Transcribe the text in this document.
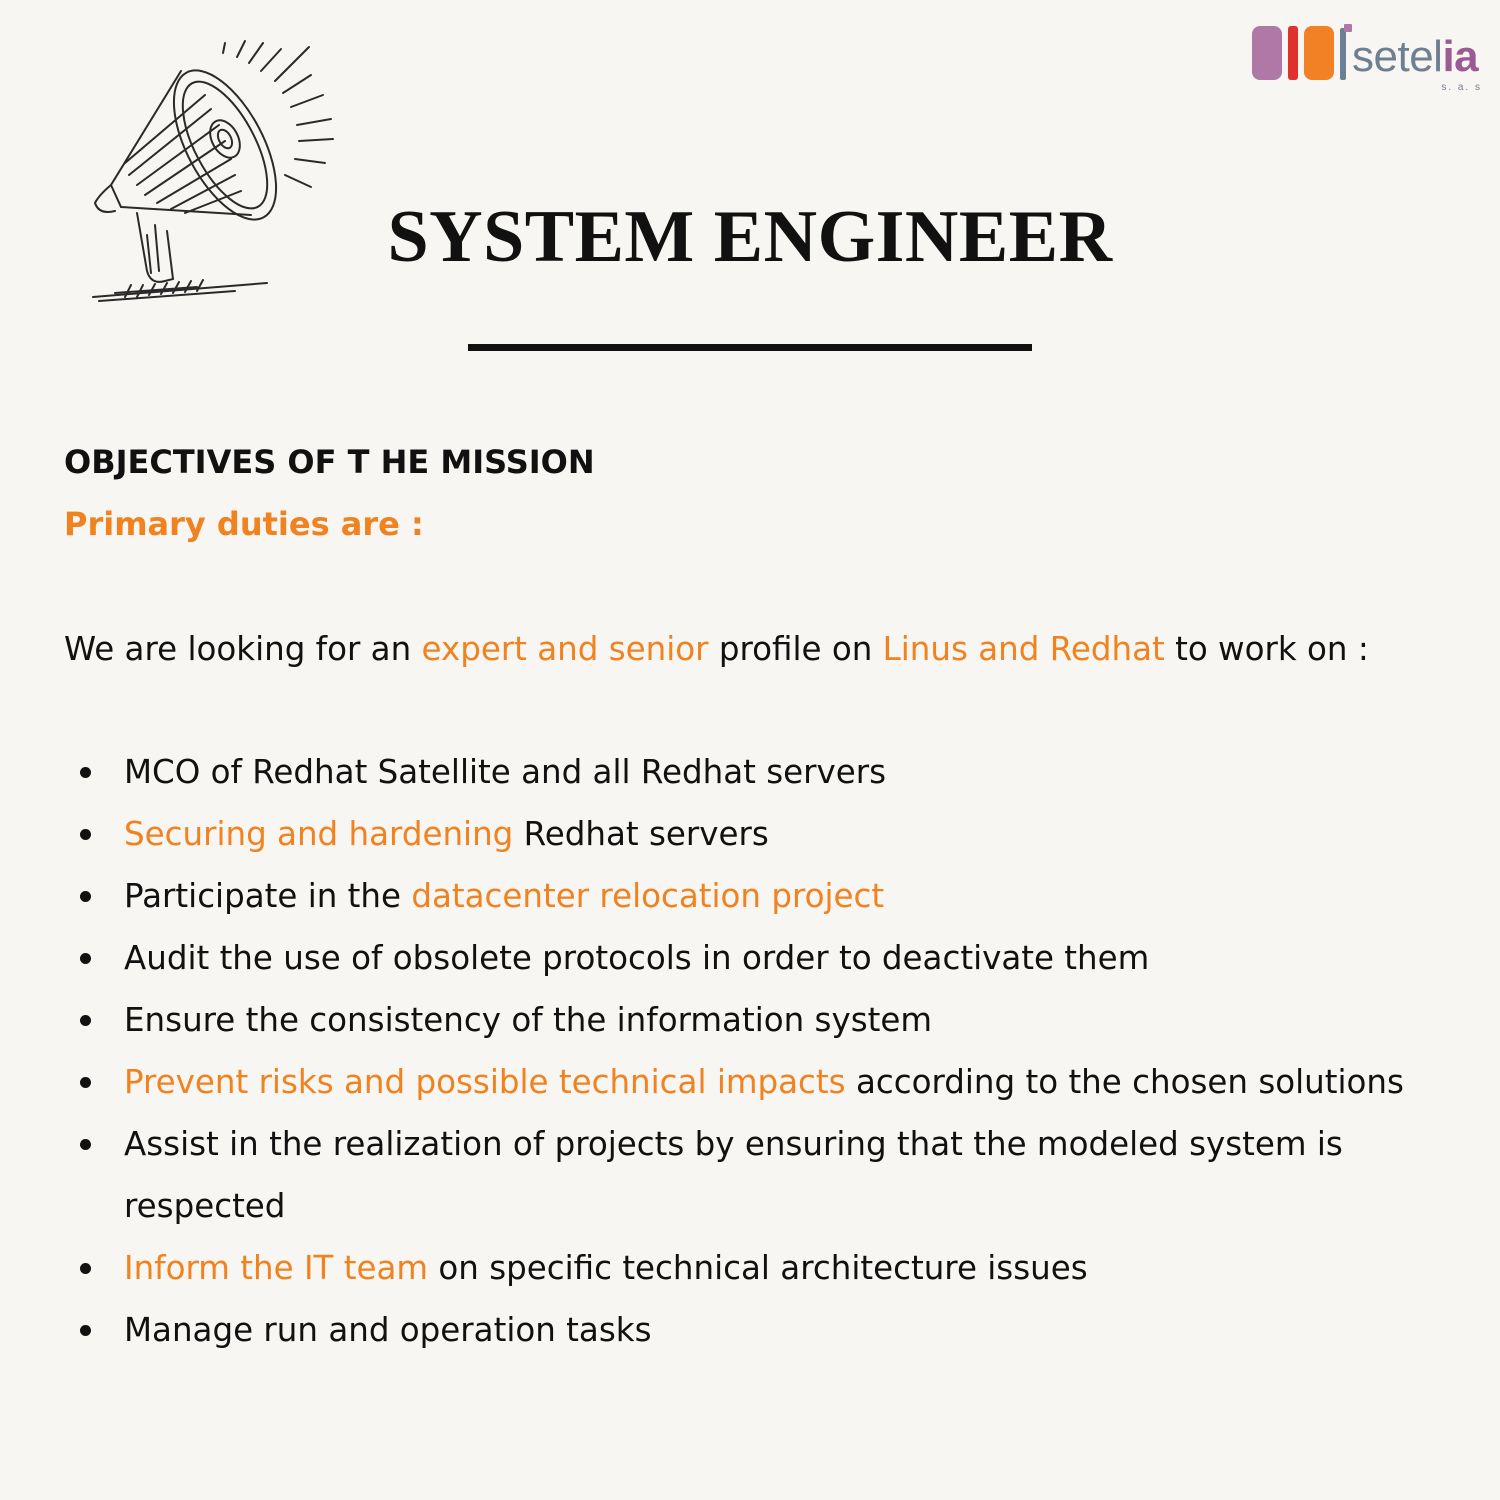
setelia
s. a. s
SYSTEM ENGINEER
OBJECTIVES OF T HE MISSION
Primary duties are :

We are looking for an expert and senior profile on Linus and Redhat to work on :

MCO of Redhat Satellite and all Redhat servers
Securing and hardening Redhat servers
Participate in the datacenter relocation project
Audit the use of obsolete protocols in order to deactivate them
Ensure the consistency of the information system
Prevent risks and possible technical impacts according to the chosen solutions
Assist in the realization of projects by ensuring that the modeled system is respected
Inform the IT team on specific technical architecture issues
Manage run and operation tasks
